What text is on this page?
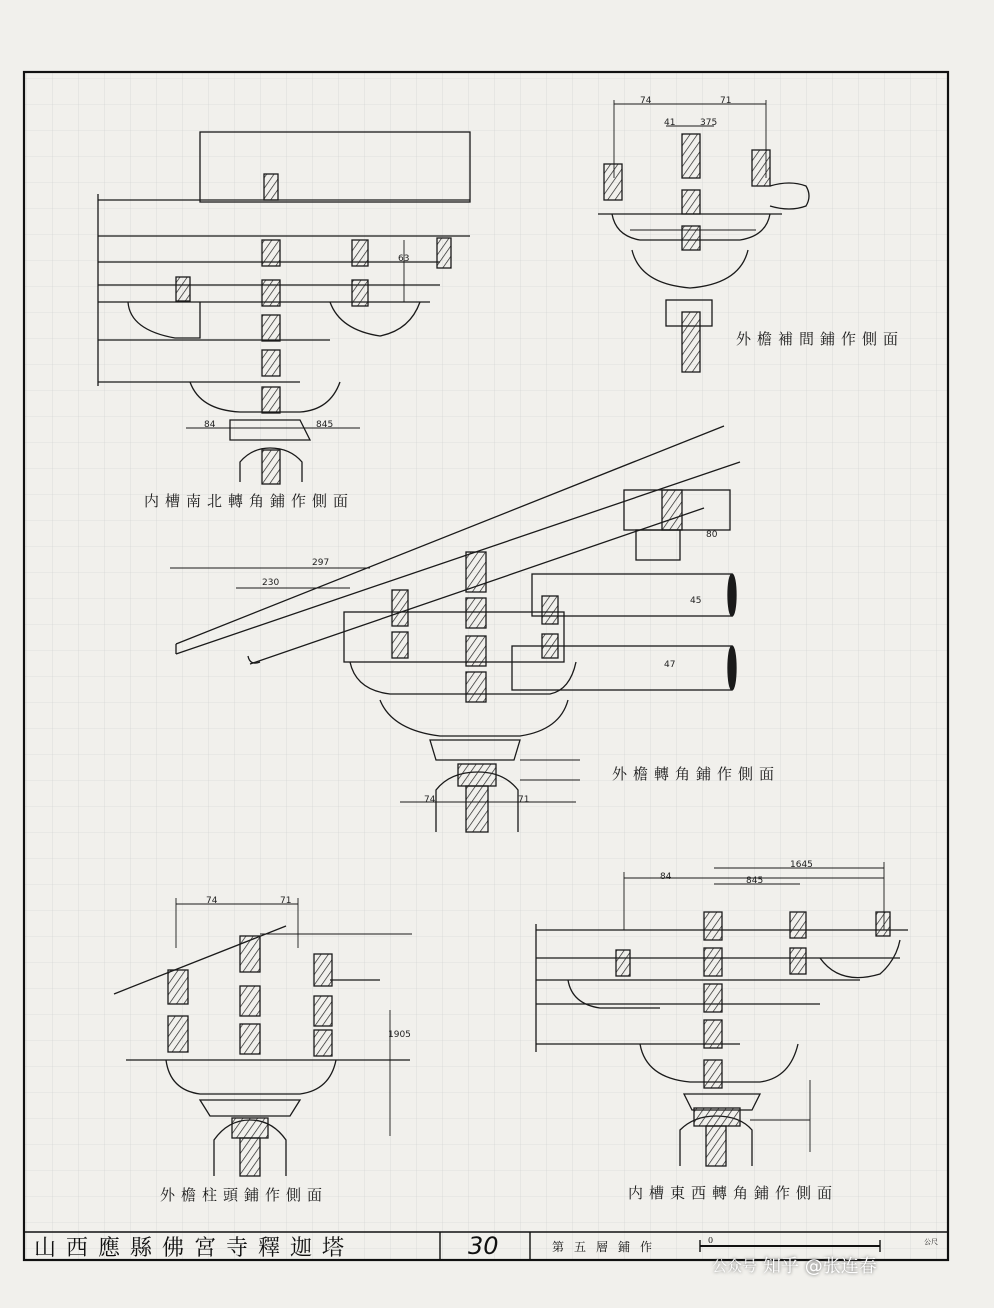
84	845
63
74	71
41	375
297
230
80
45
47
74	71
74	71
1905
84	845
1645
内槽南北轉角鋪作側面
外檐補間鋪作側面
外檐轉角鋪作側面
外檐柱頭鋪作側面	内槽東西轉角鋪作側面
山西應縣佛宮寺釋迦塔	30	第五層鋪作	0	公尺
公众号 知乎 @张连春
